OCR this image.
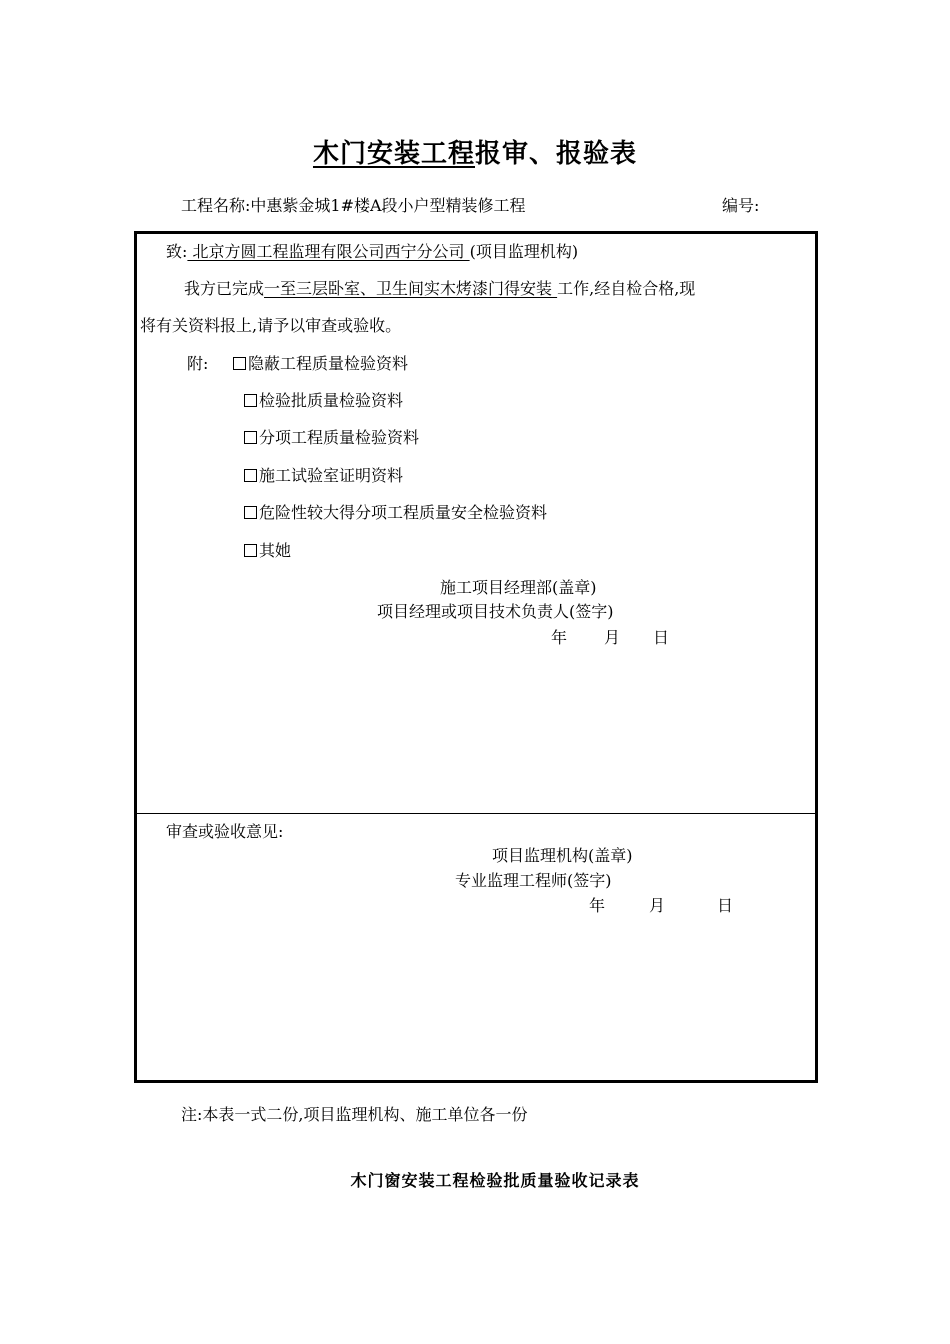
木门安装工程报审、报验表
工程名称:中惠紫金城1#楼A段小户型精装修工程	编号:
致: 北京方圆工程监理有限公司西宁分公司 (项目监理机构)
我方已完成一至三层卧室、卫生间实木烤漆门得安装 工作,经自检合格,现
将有关资料报上,请予以审查或验收。
附:	隐蔽工程质量检验资料
检验批质量检验资料
分项工程质量检验资料
施工试验室证明资料
危险性较大得分项工程质量安全检验资料
其她
施工项目经理部(盖章)
项目经理或项目技术负责人(签字)
年 月 日
审查或验收意见:
项目监理机构(盖章)
专业监理工程师(签字)
年	月	日
注:本表一式二份,项目监理机构、施工单位各一份
木门窗安装工程检验批质量验收记录表
